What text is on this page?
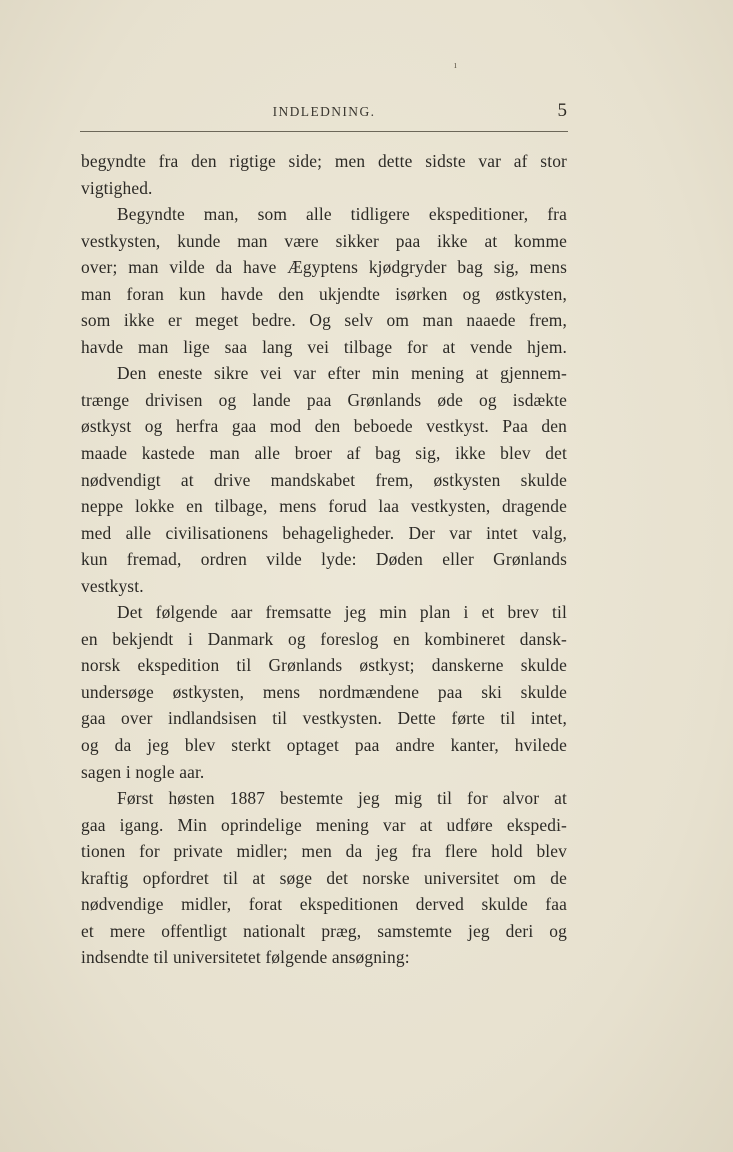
ı
INDLEDNING.	5
begyndte fra den rigtige side; men dette sidste var af stor
vigtighed.
Begyndte man, som alle tidligere ekspeditioner, fra
vestkysten, kunde man være sikker paa ikke at komme
over; man vilde da have Ægyptens kjødgryder bag sig, mens
man foran kun havde den ukjendte isørken og østkysten,
som ikke er meget bedre. Og selv om man naaede frem,
havde man lige saa lang vei tilbage for at vende hjem.
Den eneste sikre vei var efter min mening at gjennem-
trænge drivisen og lande paa Grønlands øde og isdækte
østkyst og herfra gaa mod den beboede vestkyst. Paa den
maade kastede man alle broer af bag sig, ikke blev det
nødvendigt at drive mandskabet frem, østkysten skulde
neppe lokke en tilbage, mens forud laa vestkysten, dragende
med alle civilisationens behageligheder. Der var intet valg,
kun fremad, ordren vilde lyde: Døden eller Grønlands
vestkyst.
Det følgende aar fremsatte jeg min plan i et brev til
en bekjendt i Danmark og foreslog en kombineret dansk-
norsk ekspedition til Grønlands østkyst; danskerne skulde
undersøge østkysten, mens nordmændene paa ski skulde
gaa over indlandsisen til vestkysten. Dette førte til intet,
og da jeg blev sterkt optaget paa andre kanter, hvilede
sagen i nogle aar.
Først høsten 1887 bestemte jeg mig til for alvor at
gaa igang. Min oprindelige mening var at udføre ekspedi-
tionen for private midler; men da jeg fra flere hold blev
kraftig opfordret til at søge det norske universitet om de
nødvendige midler, forat ekspeditionen derved skulde faa
et mere offentligt nationalt præg, samstemte jeg deri og
indsendte til universitetet følgende ansøgning:
